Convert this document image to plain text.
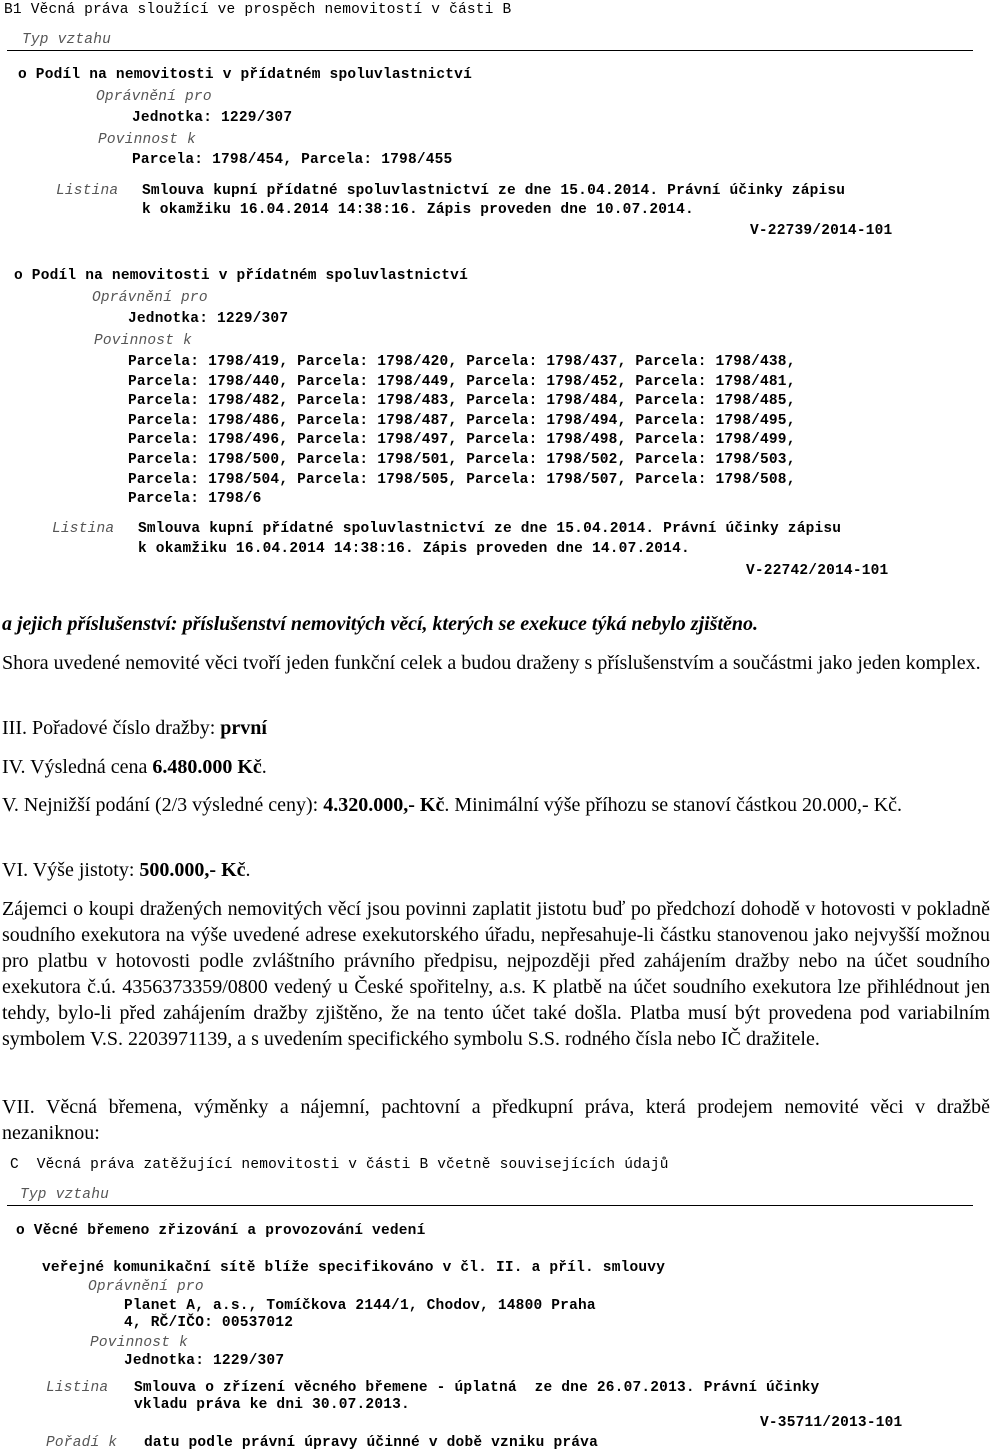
B1 Věcná práva sloužící ve prospěch nemovitostí v části B
Typ vztahu
o Podíl na nemovitosti v přídatném spoluvlastnictví
Oprávnění pro
Jednotka: 1229/307
Povinnost k
Parcela: 1798/454, Parcela: 1798/455
Listina Smlouva kupní přídatné spoluvlastnictví ze dne 15.04.2014. Právní účinky zápisu
k okamžiku 16.04.2014 14:38:16. Zápis proveden dne 10.07.2014.
V-22739/2014-101
o Podíl na nemovitosti v přídatném spoluvlastnictví
Oprávnění pro
Jednotka: 1229/307
Povinnost k
Parcela: 1798/419, Parcela: 1798/420, Parcela: 1798/437, Parcela: 1798/438,
Parcela: 1798/440, Parcela: 1798/449, Parcela: 1798/452, Parcela: 1798/481,
Parcela: 1798/482, Parcela: 1798/483, Parcela: 1798/484, Parcela: 1798/485,
Parcela: 1798/486, Parcela: 1798/487, Parcela: 1798/494, Parcela: 1798/495,
Parcela: 1798/496, Parcela: 1798/497, Parcela: 1798/498, Parcela: 1798/499,
Parcela: 1798/500, Parcela: 1798/501, Parcela: 1798/502, Parcela: 1798/503,
Parcela: 1798/504, Parcela: 1798/505, Parcela: 1798/507, Parcela: 1798/508,
Parcela: 1798/6
Listina Smlouva kupní přídatné spoluvlastnictví ze dne 15.04.2014. Právní účinky zápisu
k okamžiku 16.04.2014 14:38:16. Zápis proveden dne 14.07.2014.
V-22742/2014-101
a jejich příslušenství: příslušenství nemovitých věcí, kterých se exekuce týká nebylo zjištěno.
Shora uvedené nemovité věci tvoří jeden funkční celek a budou draženy s příslušenstvím a součástmi jako jeden komplex.
III. Pořadové číslo dražby: první
IV. Výsledná cena 6.480.000 Kč.
V. Nejnižší podání (2/3 výsledné ceny): 4.320.000,- Kč. Minimální výše příhozu se stanoví částkou 20.000,- Kč.
VI. Výše jistoty: 500.000,- Kč.
Zájemci o koupi dražených nemovitých věcí jsou povinni zaplatit jistotu buď po předchozí dohodě v hotovosti v pokladně soudního exekutora na výše uvedené adrese exekutorského úřadu, nepřesahuje-li částku stanovenou jako nejvyšší možnou pro platbu v hotovosti podle zvláštního právního předpisu, nejpozději před zahájením dražby nebo na účet soudního exekutora č.ú. 4356373359/0800 vedený u České spořitelny, a.s. K platbě na účet soudního exekutora lze přihlédnout jen tehdy, bylo-li před zahájením dražby zjištěno, že na tento účet také došla. Platba musí být provedena pod variabilním symbolem V.S. 2203971139, a s uvedením specifického symbolu S.S. rodného čísla nebo IČ dražitele.
VII. Věcná břemena, výměnky a nájemní, pachtovní a předkupní práva, která prodejem nemovité věci v dražbě nezaniknou:
C  Věcná práva zatěžující nemovitosti v části B včetně souvisejících údajů
Typ vztahu
o Věcné břemeno zřizování a provozování vedení
veřejné komunikační sítě blíže specifikováno v čl. II. a příl. smlouvy
Oprávnění pro
Planet A, a.s., Tomíčkova 2144/1, Chodov, 14800 Praha
4, RČ/IČO: 00537012
Povinnost k
Jednotka: 1229/307
Listina Smlouva o zřízení věcného břemene - úplatná  ze dne 26.07.2013. Právní účinky
vkladu práva ke dni 30.07.2013.
V-35711/2013-101
Pořadí k datu podle právní úpravy účinné v době vzniku práva
